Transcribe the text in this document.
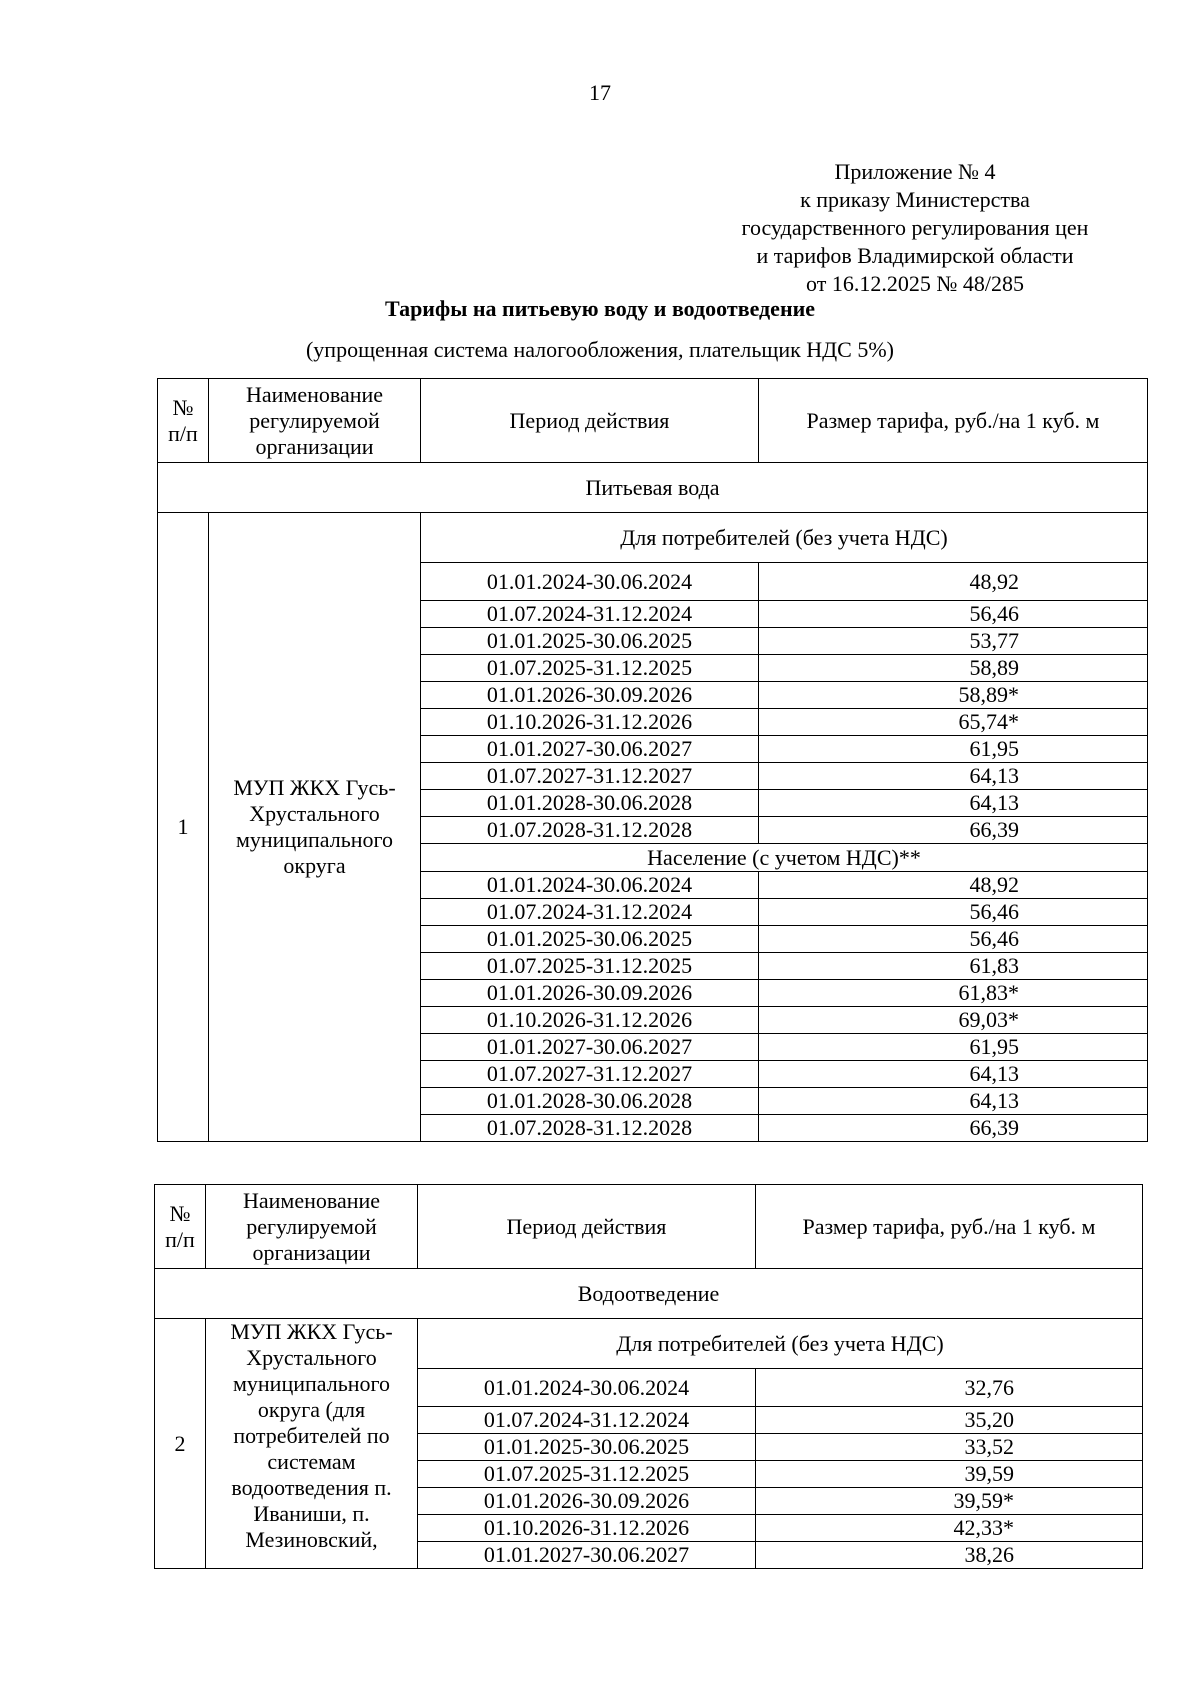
17
Приложение № 4
к приказу Министерства
государственного регулирования цен
и тарифов Владимирской области
от 16.12.2025 № 48/285
Тарифы на питьевую воду и водоотведение
(упрощенная система налогообложения, плательщик НДС 5%)
№ п/п	Наименование регулируемой организации	Период действия	Размер тарифа, руб./на 1 куб. м
Питьевая вода			
1	МУП ЖКХ Гусь-Хрустального муниципального округа	Для потребителей (без учета НДС)	
		01.01.2024-30.06.2024	48,92
		01.07.2024-31.12.2024	56,46
		01.01.2025-30.06.2025	53,77
		01.07.2025-31.12.2025	58,89
		01.01.2026-30.09.2026	58,89*
		01.10.2026-31.12.2026	65,74*
		01.01.2027-30.06.2027	61,95
		01.07.2027-31.12.2027	64,13
		01.01.2028-30.06.2028	64,13
		01.07.2028-31.12.2028	66,39
		Население (с учетом НДС)**	
		01.01.2024-30.06.2024	48,92
		01.07.2024-31.12.2024	56,46
		01.01.2025-30.06.2025	56,46
		01.07.2025-31.12.2025	61,83
		01.01.2026-30.09.2026	61,83*
		01.10.2026-31.12.2026	69,03*
		01.01.2027-30.06.2027	61,95
		01.07.2027-31.12.2027	64,13
		01.01.2028-30.06.2028	64,13
		01.07.2028-31.12.2028	66,39
№ п/п	Наименование регулируемой организации	Период действия	Размер тарифа, руб./на 1 куб. м
Водоотведение			
2	МУП ЖКХ Гусь-Хрустального муниципального округа (для потребителей по системам водоотведения п. Иваниши, п. Мезиновский,	Для потребителей (без учета НДС)	
		01.01.2024-30.06.2024	32,76
		01.07.2024-31.12.2024	35,20
		01.01.2025-30.06.2025	33,52
		01.07.2025-31.12.2025	39,59
		01.01.2026-30.09.2026	39,59*
		01.10.2026-31.12.2026	42,33*
		01.01.2027-30.06.2027	38,26
